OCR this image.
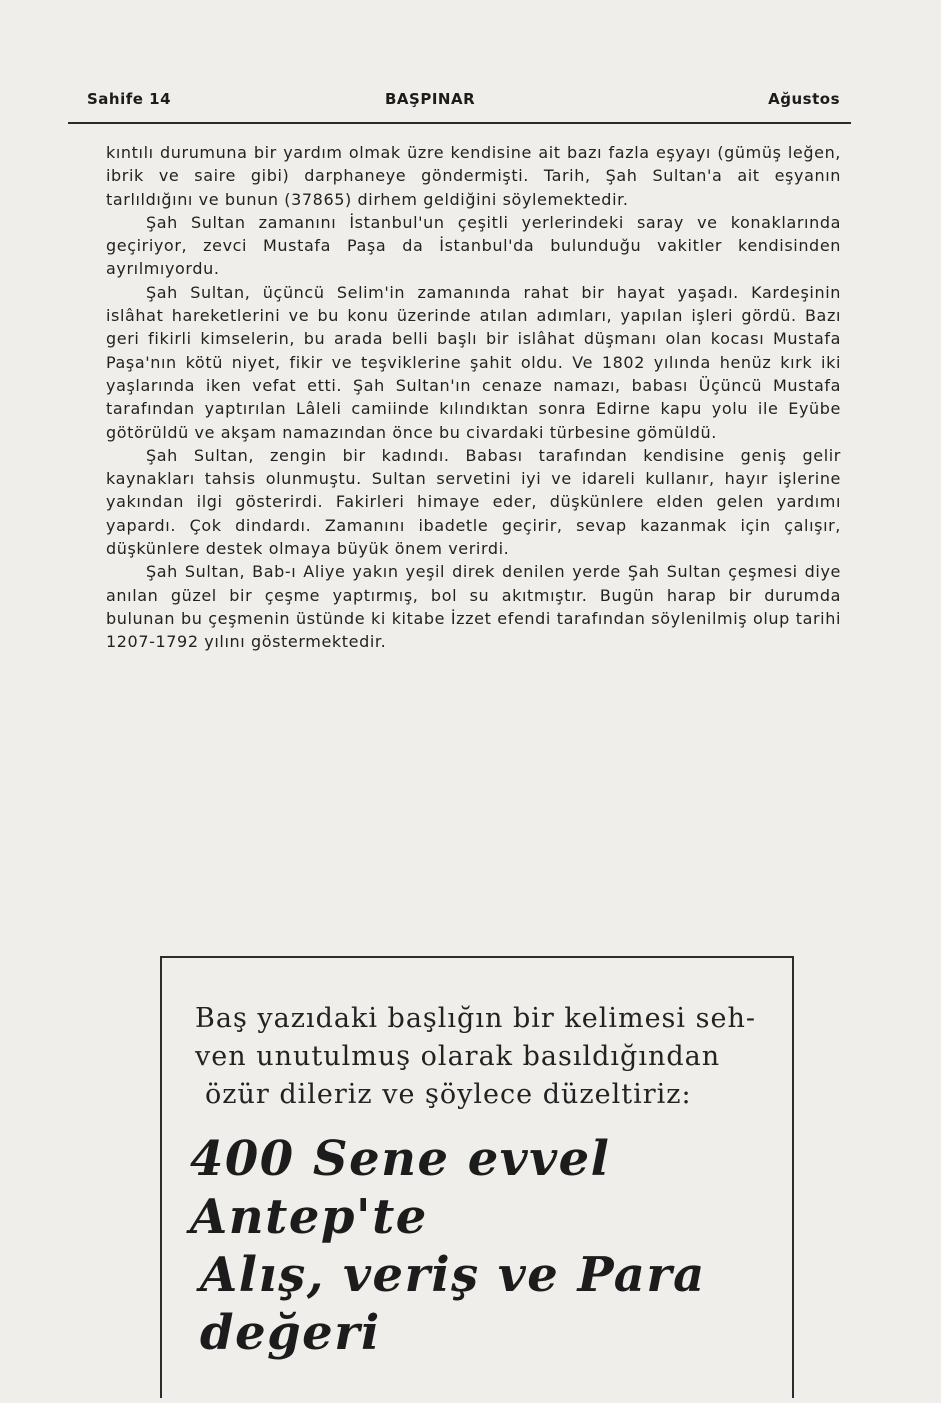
Sahife 14	BAŞPINAR	Ağustos

kıntılı durumuna bir yardım olmak üzre kendisine ait bazı fazla eşyayı (gümüş leğen, ibrik ve saire gibi) darphaneye göndermişti. Tarih, Şah Sultan'a ait eşyanın tarlıldığını ve bunun (37865) dirhem geldiğini söylemektedir.

Şah Sultan zamanını İstanbul'un çeşitli yerlerindeki saray ve konaklarında geçiriyor, zevci Mustafa Paşa da İstanbul'da bulunduğu vakitler kendisinden ayrılmıyordu.

Şah Sultan, üçüncü Selim'in zamanında rahat bir hayat yaşadı. Kardeşinin islâhat hareketlerini ve bu konu üzerinde atılan adımları, yapılan işleri gördü. Bazı geri fikirli kimselerin, bu arada belli başlı bir islâhat düşmanı olan kocası Mustafa Paşa'nın kötü niyet, fikir ve teşviklerine şahit oldu. Ve 1802 yılında henüz kırk iki yaşlarında iken vefat etti. Şah Sultan'ın cenaze namazı, babası Üçüncü Mustafa tarafından yaptırılan Lâleli camiinde kılındıktan sonra Edirne kapu yolu ile Eyübe götörüldü ve akşam namazından önce bu civardaki türbesine gömüldü.

Şah Sultan, zengin bir kadındı. Babası tarafından kendisine geniş gelir kaynakları tahsis olunmuştu. Sultan servetini iyi ve idareli kullanır, hayır işlerine yakından ilgi gösterirdi. Fakirleri himaye eder, düşkünlere elden gelen yardımı yapardı. Çok dindardı. Zamanını ibadetle geçirir, sevap kazanmak için çalışır, düşkünlere destek olmaya büyük önem verirdi.

Şah Sultan, Bab-ı Aliye yakın yeşil direk denilen yerde Şah Sultan çeşmesi diye anılan güzel bir çeşme yaptırmış, bol su akıtmıştır. Bugün harap bir durumda bulunan bu çeşmenin üstünde ki kitabe İzzet efendi tarafından söylenilmiş olup tarihi 1207-1792 yılını göstermektedir.

Baş yazıdaki başlığın bir kelimesi seh-
ven unutulmuş olarak basıldığından
özür dileriz ve şöylece düzeltiriz:
400 Sene evvel Antep'te
Alış, veriş ve Para değeri
